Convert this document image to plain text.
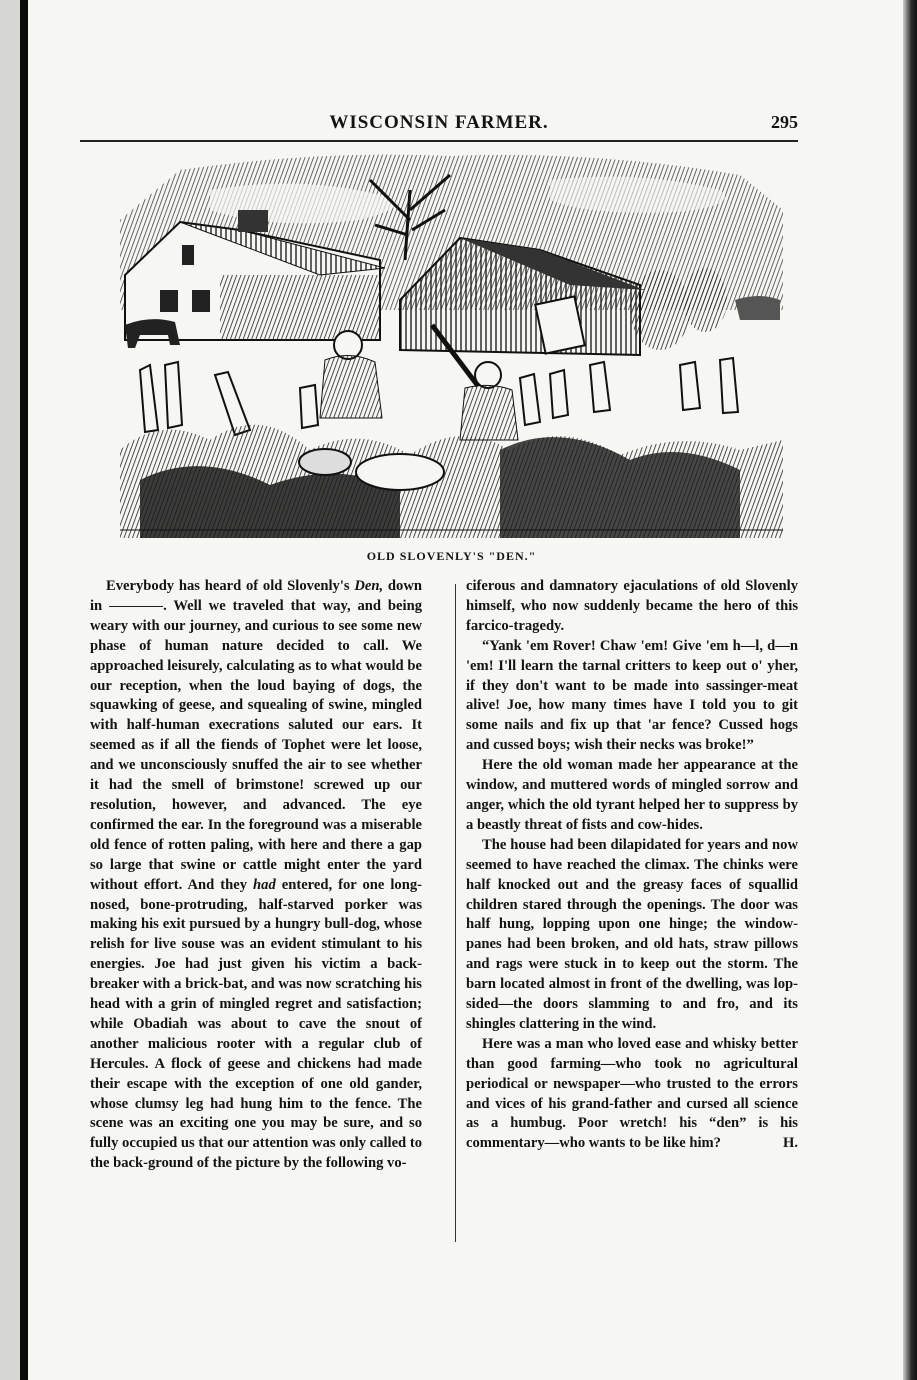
WISCONSIN FARMER.	295
OLD SLOVENLY'S "DEN."

Everybody has heard of old Slovenly's Den, down in	. Well we traveled that way, and being weary with our journey, and curious to see some new phase of human nature decided to call. We approached leisurely, calculating as to what would be our reception, when the loud baying of dogs, the squawking of geese, and squealing of swine, mingled with half-human execrations saluted our ears. It seemed as if all the fiends of Tophet were let loose, and we unconsciously snuffed the air to see whether it had the smell of brimstone! screwed up our resolution, however, and advanced. The eye confirmed the ear. In the foreground was a miserable old fence of rotten paling, with here and there a gap so large that swine or cattle might enter the yard without effort. And they had entered, for one long-nosed, bone-protruding, half-starved porker was making his exit pursued by a hungry bull-dog, whose relish for live souse was an evident stimulant to his energies. Joe had just given his victim a back-breaker with a brick-bat, and was now scratching his head with a grin of mingled regret and satisfaction; while Obadiah was about to cave the snout of another malicious rooter with a regular club of Hercules. A flock of geese and chickens had made their escape with the exception of one old gander, whose clumsy leg had hung him to the fence. The scene was an exciting one you may be sure, and so fully occupied us that our attention was only called to the back-ground of the picture by the following vo-

ciferous and damnatory ejaculations of old Slovenly himself, who now suddenly became the hero of this farcico-tragedy.

“Yank 'em Rover! Chaw 'em! Give 'em h—l, d—n 'em! I'll learn the tarnal critters to keep out o' yher, if they don't want to be made into sassinger-meat alive! Joe, how many times have I told you to git some nails and fix up that 'ar fence? Cussed hogs and cussed boys; wish their necks was broke!”

Here the old woman made her appearance at the window, and muttered words of mingled sorrow and anger, which the old tyrant helped her to suppress by a beastly threat of fists and cow-hides.

The house had been dilapidated for years and now seemed to have reached the climax. The chinks were half knocked out and the greasy faces of squallid children stared through the openings. The door was half hung, lopping upon one hinge; the window-panes had been broken, and old hats, straw pillows and rags were stuck in to keep out the storm. The barn located almost in front of the dwelling, was lop-sided—the doors slamming to and fro, and its shingles clattering in the wind.

Here was a man who loved ease and whisky better than good farming—who took no agricultural periodical or newspaper—who trusted to the errors and vices of his grand-father and cursed all science as a humbug. Poor wretch! his “den” is his commentary—who wants to be like him?	H.
